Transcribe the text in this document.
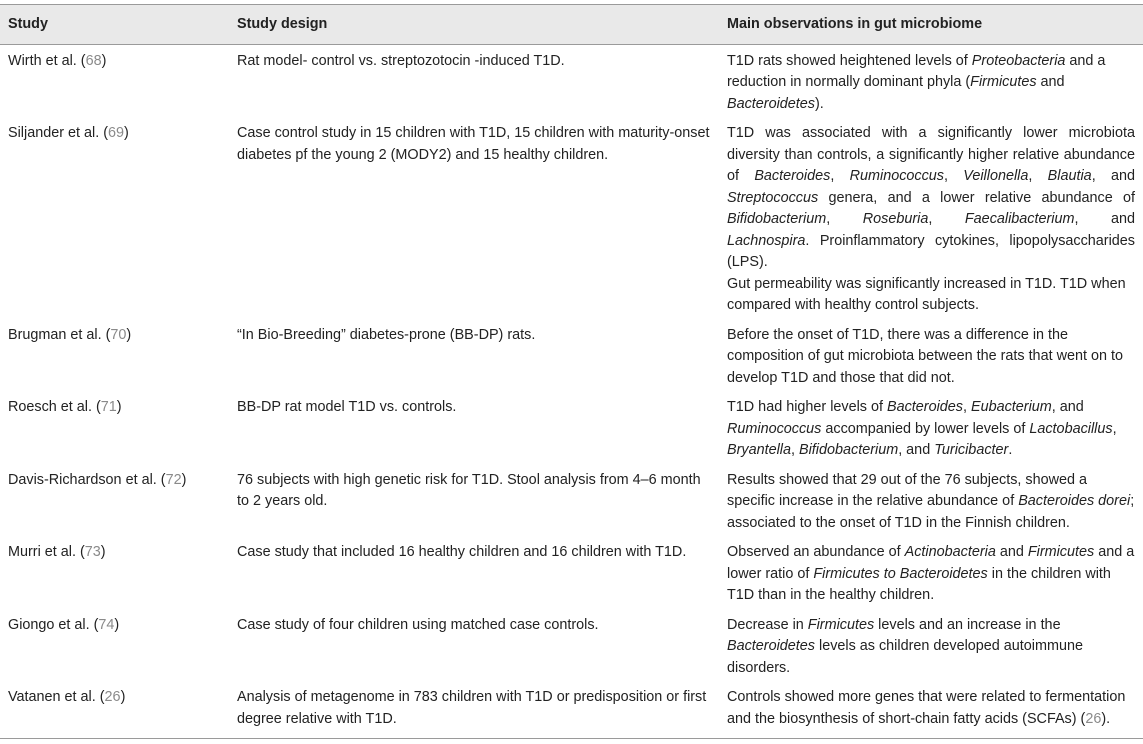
Study	Study design	Main observations in gut microbiome
Wirth et al. (68)	Rat model- control vs. streptozotocin -induced T1D.	T1D rats showed heightened levels of Proteobacteria and a reduction in normally dominant phyla (Firmicutes and Bacteroidetes).

Siljander et al. (69)	Case control study in 15 children with T1D, 15 children with maturity-onset diabetes pf the young 2 (MODY2) and 15 healthy children.	T1D was associated with a significantly lower microbiota diversity than controls, a significantly higher relative abundance of Bacteroides, Ruminococcus, Veillonella, Blautia, and Streptococcus genera, and a lower relative abundance of Bifidobacterium, Roseburia, Faecalibacterium, and Lachnospira. Proinflammatory cytokines, lipopolysaccharides (LPS).
Gut permeability was significantly increased in T1D. T1D when compared with healthy control subjects.

Brugman et al. (70)	“In Bio-Breeding” diabetes-prone (BB-DP) rats.	Before the onset of T1D, there was a difference in the composition of gut microbiota between the rats that went on to develop T1D and those that did not.

Roesch et al. (71)	BB-DP rat model T1D vs. controls.	T1D had higher levels of Bacteroides, Eubacterium, and Ruminococcus accompanied by lower levels of Lactobacillus, Bryantella, Bifidobacterium, and Turicibacter.

Davis-Richardson et al. (72)	76 subjects with high genetic risk for T1D. Stool analysis from 4–6 month to 2 years old.	Results showed that 29 out of the 76 subjects, showed a specific increase in the relative abundance of Bacteroides dorei; associated to the onset of T1D in the Finnish children.

Murri et al. (73)	Case study that included 16 healthy children and 16 children with T1D.	Observed an abundance of Actinobacteria and Firmicutes and a lower ratio of Firmicutes to Bacteroidetes in the children with T1D than in the healthy children.

Giongo et al. (74)	Case study of four children using matched case controls.	Decrease in Firmicutes levels and an increase in the Bacteroidetes levels as children developed autoimmune disorders.

Vatanen et al. (26)	Analysis of metagenome in 783 children with T1D or predisposition or first degree relative with T1D.	Controls showed more genes that were related to fermentation and the biosynthesis of short-chain fatty acids (SCFAs) (26).
